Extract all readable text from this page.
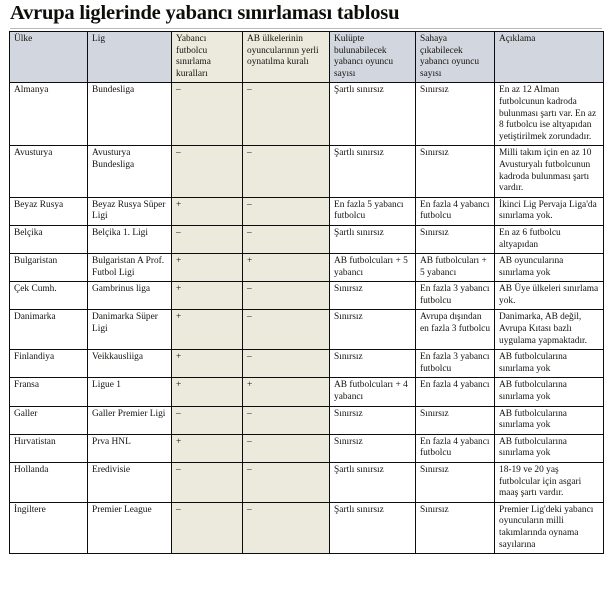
Avrupa liglerinde yabancı sınırlaması tablosu
Ülke	Lig	Yabancı futbolcu sınırlama kuralları	AB ülkelerinin oyuncularının yerli oynatılma kuralı	Kulüpte bulunabilecek yabancı oyuncu sayısı	Sahaya çıkabilecek yabancı oyuncu sayısı	Açıklama
Almanya	Bundesliga	–	–	Şartlı sınırsız	Sınırsız	En az 12 Alman futbolcunun kadroda bulunması şartı var. En az 8 futbolcu ise altyapıdan yetiştirilmek zorundadır.
Avusturya	Avusturya Bundesliga	–	–	Şartlı sınırsız	Sınırsız	Milli takım için en az 10 Avusturyalı futbolcunun kadroda bulunması şartı vardır.
Beyaz Rusya	Beyaz Rusya Süper Ligi	+	–	En fazla 5 yabancı futbolcu	En fazla 4 yabancı futbolcu	İkinci Lig Pervaja Liga'da sınırlama yok.
Belçika	Belçika 1. Ligi	–	–	Şartlı sınırsız	Sınırsız	En az 6 futbolcu altyapıdan
Bulgaristan	Bulgaristan A Prof. Futbol Ligi	+	+	AB futbolcuları + 5 yabancı	AB futbolcuları + 5 yabancı	AB oyuncularına sınırlama yok
Çek Cumh.	Gambrinus liga	+	–	Sınırsız	En fazla 3 yabancı futbolcu	AB Üye ülkeleri sınırlama yok.
Danimarka	Danimarka Süper Ligi	+	–	Sınırsız	Avrupa dışından en fazla 3 futbolcu	Danimarka, AB değil, Avrupa Kıtası bazlı uygulama yapmaktadır.
Finlandiya	Veikkausliiga	+	–	Sınırsız	En fazla 3 yabancı futbolcu	AB futbolcularına sınırlama yok
Fransa	Ligue 1	+	+	AB futbolcuları + 4 yabancı	En fazla 4 yabancı	AB futbolcularına sınırlama yok
Galler	Galler Premier Ligi	–	–	Sınırsız	Sınırsız	AB futbolcularına sınırlama yok
Hırvatistan	Prva HNL	+	–	Sınırsız	En fazla 4 yabancı futbolcu	AB futbolcularına sınırlama yok
Hollanda	Eredivisie	–	–	Şartlı sınırsız	Sınırsız	18-19 ve 20 yaş futbolcular için asgari maaş şartı vardır.
İngiltere	Premier League	–	–	Şartlı sınırsız	Sınırsız	Premier Lig'deki yabancı oyuncuların milli takımlarında oynama sayılarına
